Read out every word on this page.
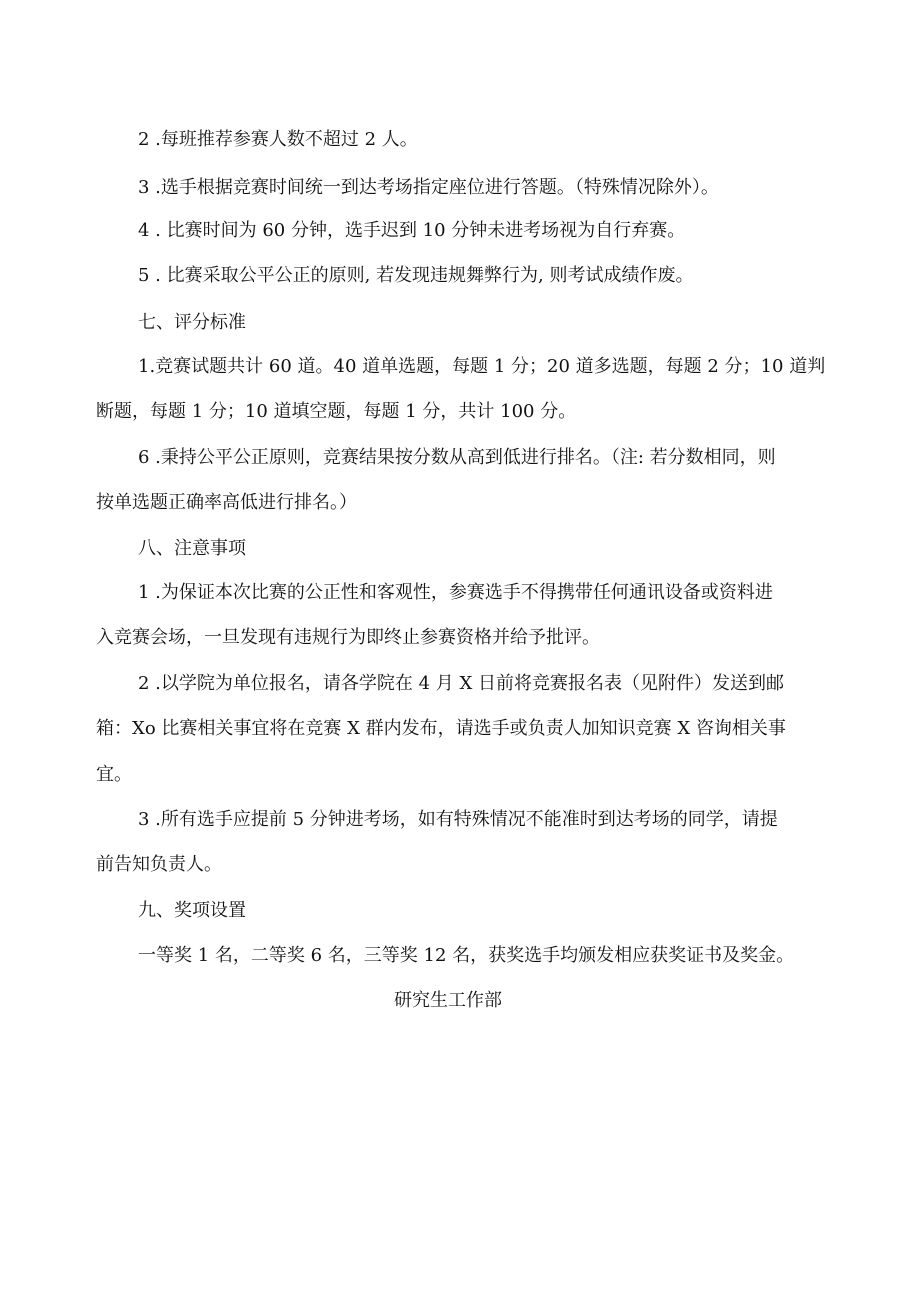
2 .每班推荐参赛人数不超过 2 人。
3 .选手根据竞赛时间统一到达考场指定座位进行答题。（特殊情况除外）。
4 . 比赛时间为 60 分钟，选手迟到 10 分钟未进考场视为自行弃赛。
5 . 比赛采取公平公正的原则, 若发现违规舞弊行为, 则考试成绩作废。
七、评分标准
1.竞赛试题共计 60 道。40 道单选题，每题 1 分；20 道多选题，每题 2 分；10 道判
断题，每题 1 分；10 道填空题，每题 1 分，共计 100 分。
6 .秉持公平公正原则，竞赛结果按分数从高到低进行排名。（注: 若分数相同，则
按单选题正确率高低进行排名。）
八、注意事项
1 .为保证本次比赛的公正性和客观性，参赛选手不得携带任何通讯设备或资料进
入竞赛会场，一旦发现有违规行为即终止参赛资格并给予批评。
2 .以学院为单位报名，请各学院在 4 月 X 日前将竞赛报名表（见附件）发送到邮
箱：Xo 比赛相关事宜将在竞赛 X 群内发布，请选手或负责人加知识竞赛 X 咨询相关事
宜。
3 .所有选手应提前 5 分钟进考场，如有特殊情况不能准时到达考场的同学，请提
前告知负责人。
九、奖项设置
一等奖 1 名，二等奖 6 名，三等奖 12 名，获奖选手均颁发相应获奖证书及奖金。
研究生工作部
